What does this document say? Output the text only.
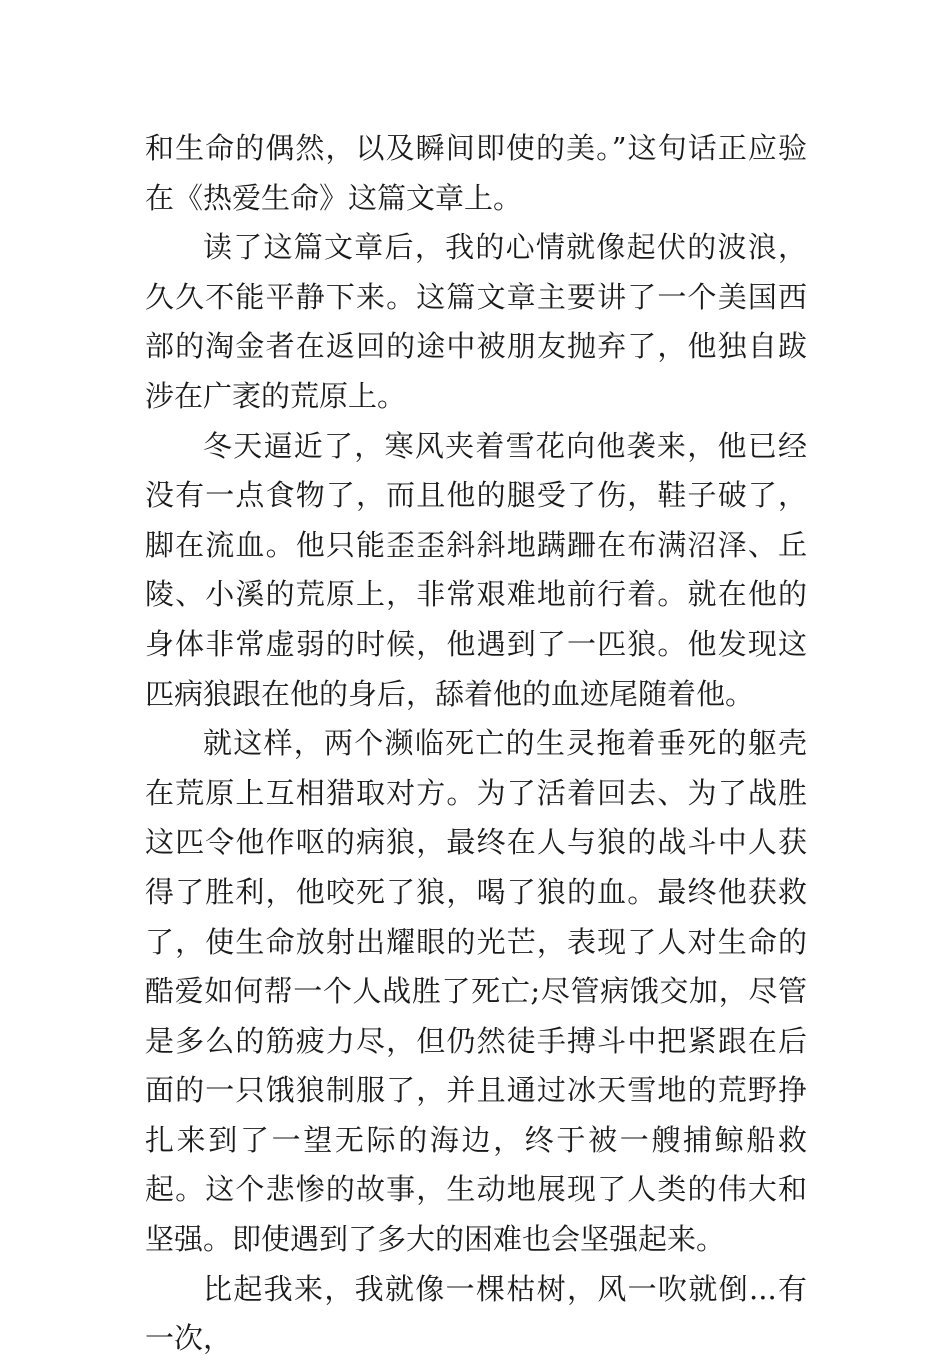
和生命的偶然，以及瞬间即使的美。”这句话正应验在《热爱生命》这篇文章上。

读了这篇文章后，我的心情就像起伏的波浪，久久不能平静下来。这篇文章主要讲了一个美国西部的淘金者在返回的途中被朋友抛弃了，他独自跋涉在广袤的荒原上。

冬天逼近了，寒风夹着雪花向他袭来，他已经没有一点食物了，而且他的腿受了伤，鞋子破了，脚在流血。他只能歪歪斜斜地蹒跚在布满沼泽、丘陵、小溪的荒原上，非常艰难地前行着。就在他的身体非常虚弱的时候，他遇到了一匹狼。他发现这匹病狼跟在他的身后，舔着他的血迹尾随着他。

就这样，两个濒临死亡的生灵拖着垂死的躯壳在荒原上互相猎取对方。为了活着回去、为了战胜这匹令他作呕的病狼，最终在人与狼的战斗中人获得了胜利，他咬死了狼，喝了狼的血。最终他获救了，使生命放射出耀眼的光芒，表现了人对生命的酷爱如何帮一个人战胜了死亡;尽管病饿交加，尽管是多么的筋疲力尽，但仍然徒手搏斗中把紧跟在后面的一只饿狼制服了，并且通过冰天雪地的荒野挣扎来到了一望无际的海边，终于被一艘捕鲸船救起。这个悲惨的故事，生动地展现了人类的伟大和坚强。即使遇到了多大的困难也会坚强起来。

比起我来，我就像一棵枯树，风一吹就倒...有一次，
